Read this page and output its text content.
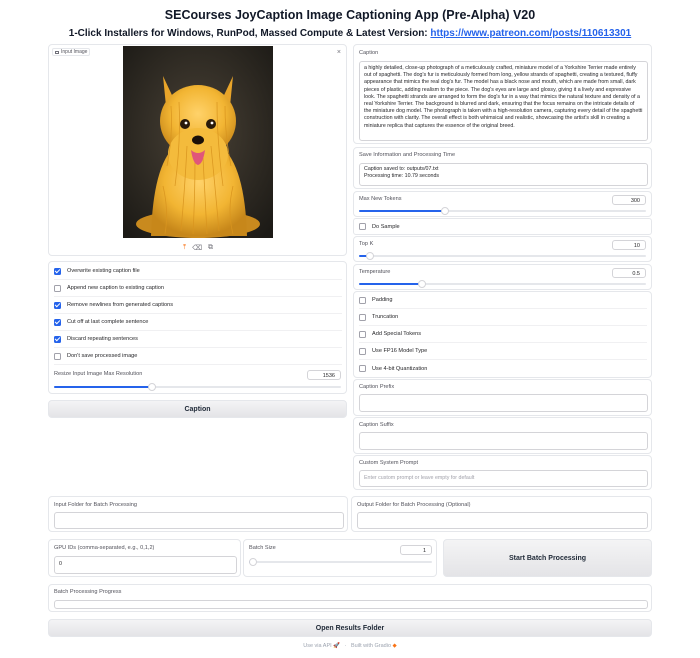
SECourses JoyCaption Image Captioning App (Pre-Alpha) V20
1-Click Installers for Windows, RunPod, Massed Compute & Latest Version: https://www.patreon.com/posts/110613301
Input Image	×
⤒ ⌫ ⧉
Overwrite existing caption file
Append new caption to existing caption
Remove newlines from generated captions
Cut off at last complete sentence
Discard repeating sentences
Don't save processed image
Resize Input Image Max Resolution	1536
Caption
Caption
a highly detailed, close-up photograph of a meticulously crafted, miniature model of a Yorkshire Terrier made entirely out of spaghetti. The dog's fur is meticulously formed from long, yellow strands of spaghetti, creating a textured, fluffy appearance that mimics the real dog's fur. The model has a black nose and mouth, which are made from small, dark pieces of plastic, adding realism to the piece. The dog's eyes are large and glossy, giving it a lively and expressive look. The spaghetti strands are arranged to form the dog's fur in a way that mimics the natural texture and density of a real Yorkshire Terrier. The background is blurred and dark, ensuring that the focus remains on the intricate details of the miniature dog model. The photograph is taken with a high-resolution camera, capturing every detail of the spaghetti construction with clarity. The overall effect is both whimsical and realistic, showcasing the artist's skill in creating a miniature replica that captures the essence of the original breed.
Save Information and Processing Time
Caption saved to: outputs/07.txt
Processing time: 10.79 seconds
Max New Tokens	300
Do Sample
Top K	10
Temperature	0.5
Padding
Truncation
Add Special Tokens
Use FP16 Model Type
Use 4-bit Quantization
Caption Prefix
Caption Suffix
Custom System Prompt
Enter custom prompt or leave empty for default
Input Folder for Batch Processing	Output Folder for Batch Processing (Optional)
GPU IDs (comma-separated, e.g., 0,1,2)
0
Batch Size	1
Start Batch Processing
Batch Processing Progress
Open Results Folder
Use via API 🚀 · Built with Gradio ◆
